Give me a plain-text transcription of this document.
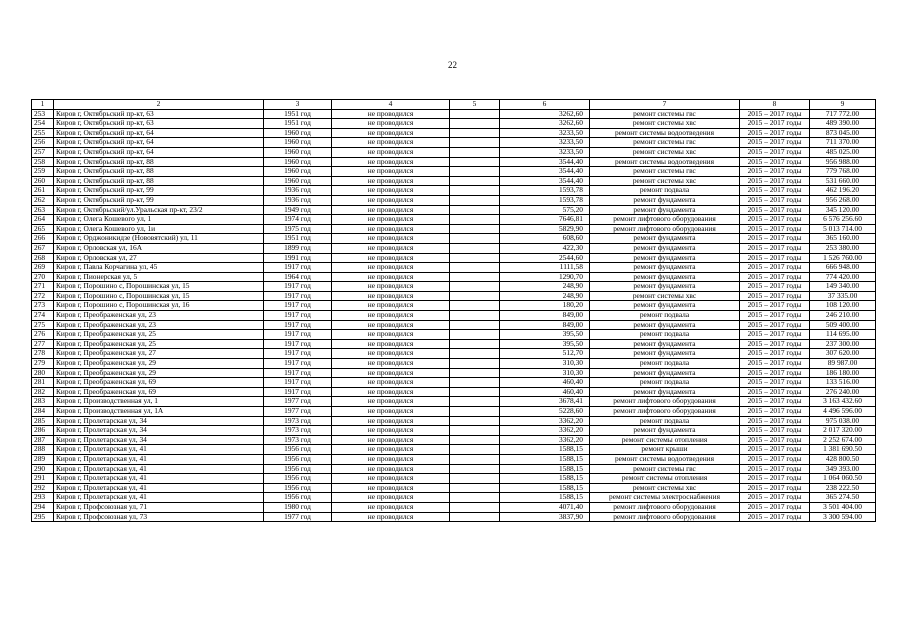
22
1	2	3	4	5	6	7	8	9
253	Киров г, Октябрьский пр-кт, 63	1951 год	не проводился		3262,60	ремонт системы гвс	2015 – 2017 годы	717 772.00
254	Киров г, Октябрьский пр-кт, 63	1951 год	не проводился		3262,60	ремонт системы хвс	2015 – 2017 годы	489 390.00
255	Киров г, Октябрьский пр-кт, 64	1960 год	не проводился		3233,50	ремонт системы водоотведения	2015 – 2017 годы	873 045.00
256	Киров г, Октябрьский пр-кт, 64	1960 год	не проводился		3233,50	ремонт системы гвс	2015 – 2017 годы	711 370.00
257	Киров г, Октябрьский пр-кт, 64	1960 год	не проводился		3233,50	ремонт системы хвс	2015 – 2017 годы	485 025.00
258	Киров г, Октябрьский пр-кт, 88	1960 год	не проводился		3544,40	ремонт системы водоотведения	2015 – 2017 годы	956 988.00
259	Киров г, Октябрьский пр-кт, 88	1960 год	не проводился		3544,40	ремонт системы гвс	2015 – 2017 годы	779 768.00
260	Киров г, Октябрьский пр-кт, 88	1960 год	не проводился		3544,40	ремонт системы хвс	2015 – 2017 годы	531 660.00
261	Киров г, Октябрьский пр-кт, 99	1936 год	не проводился		1593,78	ремонт подвала	2015 – 2017 годы	462 196.20
262	Киров г, Октябрьский пр-кт, 99	1936 год	не проводился		1593,78	ремонт фундамента	2015 – 2017 годы	956 268.00
263	Киров г, Октябрьский/ул.Уральская пр-кт, 23/2	1949 год	не проводился		575,20	ремонт фундамента	2015 – 2017 годы	345 120.00
264	Киров г, Олега Кошевого ул, 1	1974 год	не проводился		7646,81	ремонт лифтового оборудования	2015 – 2017 годы	6 576 256.60
265	Киров г, Олега Кошевого ул, 1и	1975 год	не проводился		5829,90	ремонт лифтового оборудования	2015 – 2017 годы	5 013 714.00
266	Киров г, Орджоникидзе (Нововятский) ул, 11	1951 год	не проводился		608,60	ремонт фундамента	2015 – 2017 годы	365 160.00
267	Киров г, Орловская ул, 16А	1899 год	не проводился		422,30	ремонт фундамента	2015 – 2017 годы	253 380.00
268	Киров г, Орловская ул, 27	1991 год	не проводился		2544,60	ремонт фундамента	2015 – 2017 годы	1 526 760.00
269	Киров г, Павла Корчагина ул, 45	1917 год	не проводился		1111,58	ремонт фундамента	2015 – 2017 годы	666 948.00
270	Киров г, Пионерская ул, 5	1964 год	не проводился		1290,70	ремонт фундамента	2015 – 2017 годы	774 420.00
271	Киров г, Порошино с, Порошинская ул, 15	1917 год	не проводился		248,90	ремонт фундамента	2015 – 2017 годы	149 340.00
272	Киров г, Порошино с, Порошинская ул, 15	1917 год	не проводился		248,90	ремонт системы хвс	2015 – 2017 годы	37 335.00
273	Киров г, Порошино с, Порошинская ул, 16	1917 год	не проводился		180,20	ремонт фундамента	2015 – 2017 годы	108 120.00
274	Киров г, Преображенская ул, 23	1917 год	не проводился		849,00	ремонт подвала	2015 – 2017 годы	246 210.00
275	Киров г, Преображенская ул, 23	1917 год	не проводился		849,00	ремонт фундамента	2015 – 2017 годы	509 400.00
276	Киров г, Преображенская ул, 25	1917 год	не проводился		395,50	ремонт подвала	2015 – 2017 годы	114 695.00
277	Киров г, Преображенская ул, 25	1917 год	не проводился		395,50	ремонт фундамента	2015 – 2017 годы	237 300.00
278	Киров г, Преображенская ул, 27	1917 год	не проводился		512,70	ремонт фундамента	2015 – 2017 годы	307 620.00
279	Киров г, Преображенская ул, 29	1917 год	не проводился		310,30	ремонт подвала	2015 – 2017 годы	89 987.00
280	Киров г, Преображенская ул, 29	1917 год	не проводился		310,30	ремонт фундамента	2015 – 2017 годы	186 180.00
281	Киров г, Преображенская ул, 69	1917 год	не проводился		460,40	ремонт подвала	2015 – 2017 годы	133 516.00
282	Киров г, Преображенская ул, 69	1917 год	не проводился		460,40	ремонт фундамента	2015 – 2017 годы	276 240.00
283	Киров г, Производственная ул, 1	1977 год	не проводился		3678,41	ремонт лифтового оборудования	2015 – 2017 годы	3 163 432.60
284	Киров г, Производственная ул, 1А	1977 год	не проводился		5228,60	ремонт лифтового оборудования	2015 – 2017 годы	4 496 596.00
285	Киров г, Пролетарская ул, 34	1973 год	не проводился		3362,20	ремонт подвала	2015 – 2017 годы	975 038.00
286	Киров г, Пролетарская ул, 34	1973 год	не проводился		3362,20	ремонт фундамента	2015 – 2017 годы	2 017 320.00
287	Киров г, Пролетарская ул, 34	1973 год	не проводился		3362,20	ремонт системы отопления	2015 – 2017 годы	2 252 674.00
288	Киров г, Пролетарская ул, 41	1956 год	не проводился		1588,15	ремонт крыши	2015 – 2017 годы	1 381 690.50
289	Киров г, Пролетарская ул, 41	1956 год	не проводился		1588,15	ремонт системы водоотведения	2015 – 2017 годы	428 800.50
290	Киров г, Пролетарская ул, 41	1956 год	не проводился		1588,15	ремонт системы гвс	2015 – 2017 годы	349 393.00
291	Киров г, Пролетарская ул, 41	1956 год	не проводился		1588,15	ремонт системы отопления	2015 – 2017 годы	1 064 060.50
292	Киров г, Пролетарская ул, 41	1956 год	не проводился		1588,15	ремонт системы хвс	2015 – 2017 годы	238 222.50
293	Киров г, Пролетарская ул, 41	1956 год	не проводился		1588,15	ремонт системы электроснабжения	2015 – 2017 годы	365 274.50
294	Киров г, Профсоюзная ул, 71	1980 год	не проводился		4071,40	ремонт лифтового оборудования	2015 – 2017 годы	3 501 404.00
295	Киров г, Профсоюзная ул, 73	1977 год	не проводился		3837,90	ремонт лифтового оборудования	2015 – 2017 годы	3 300 594.00
